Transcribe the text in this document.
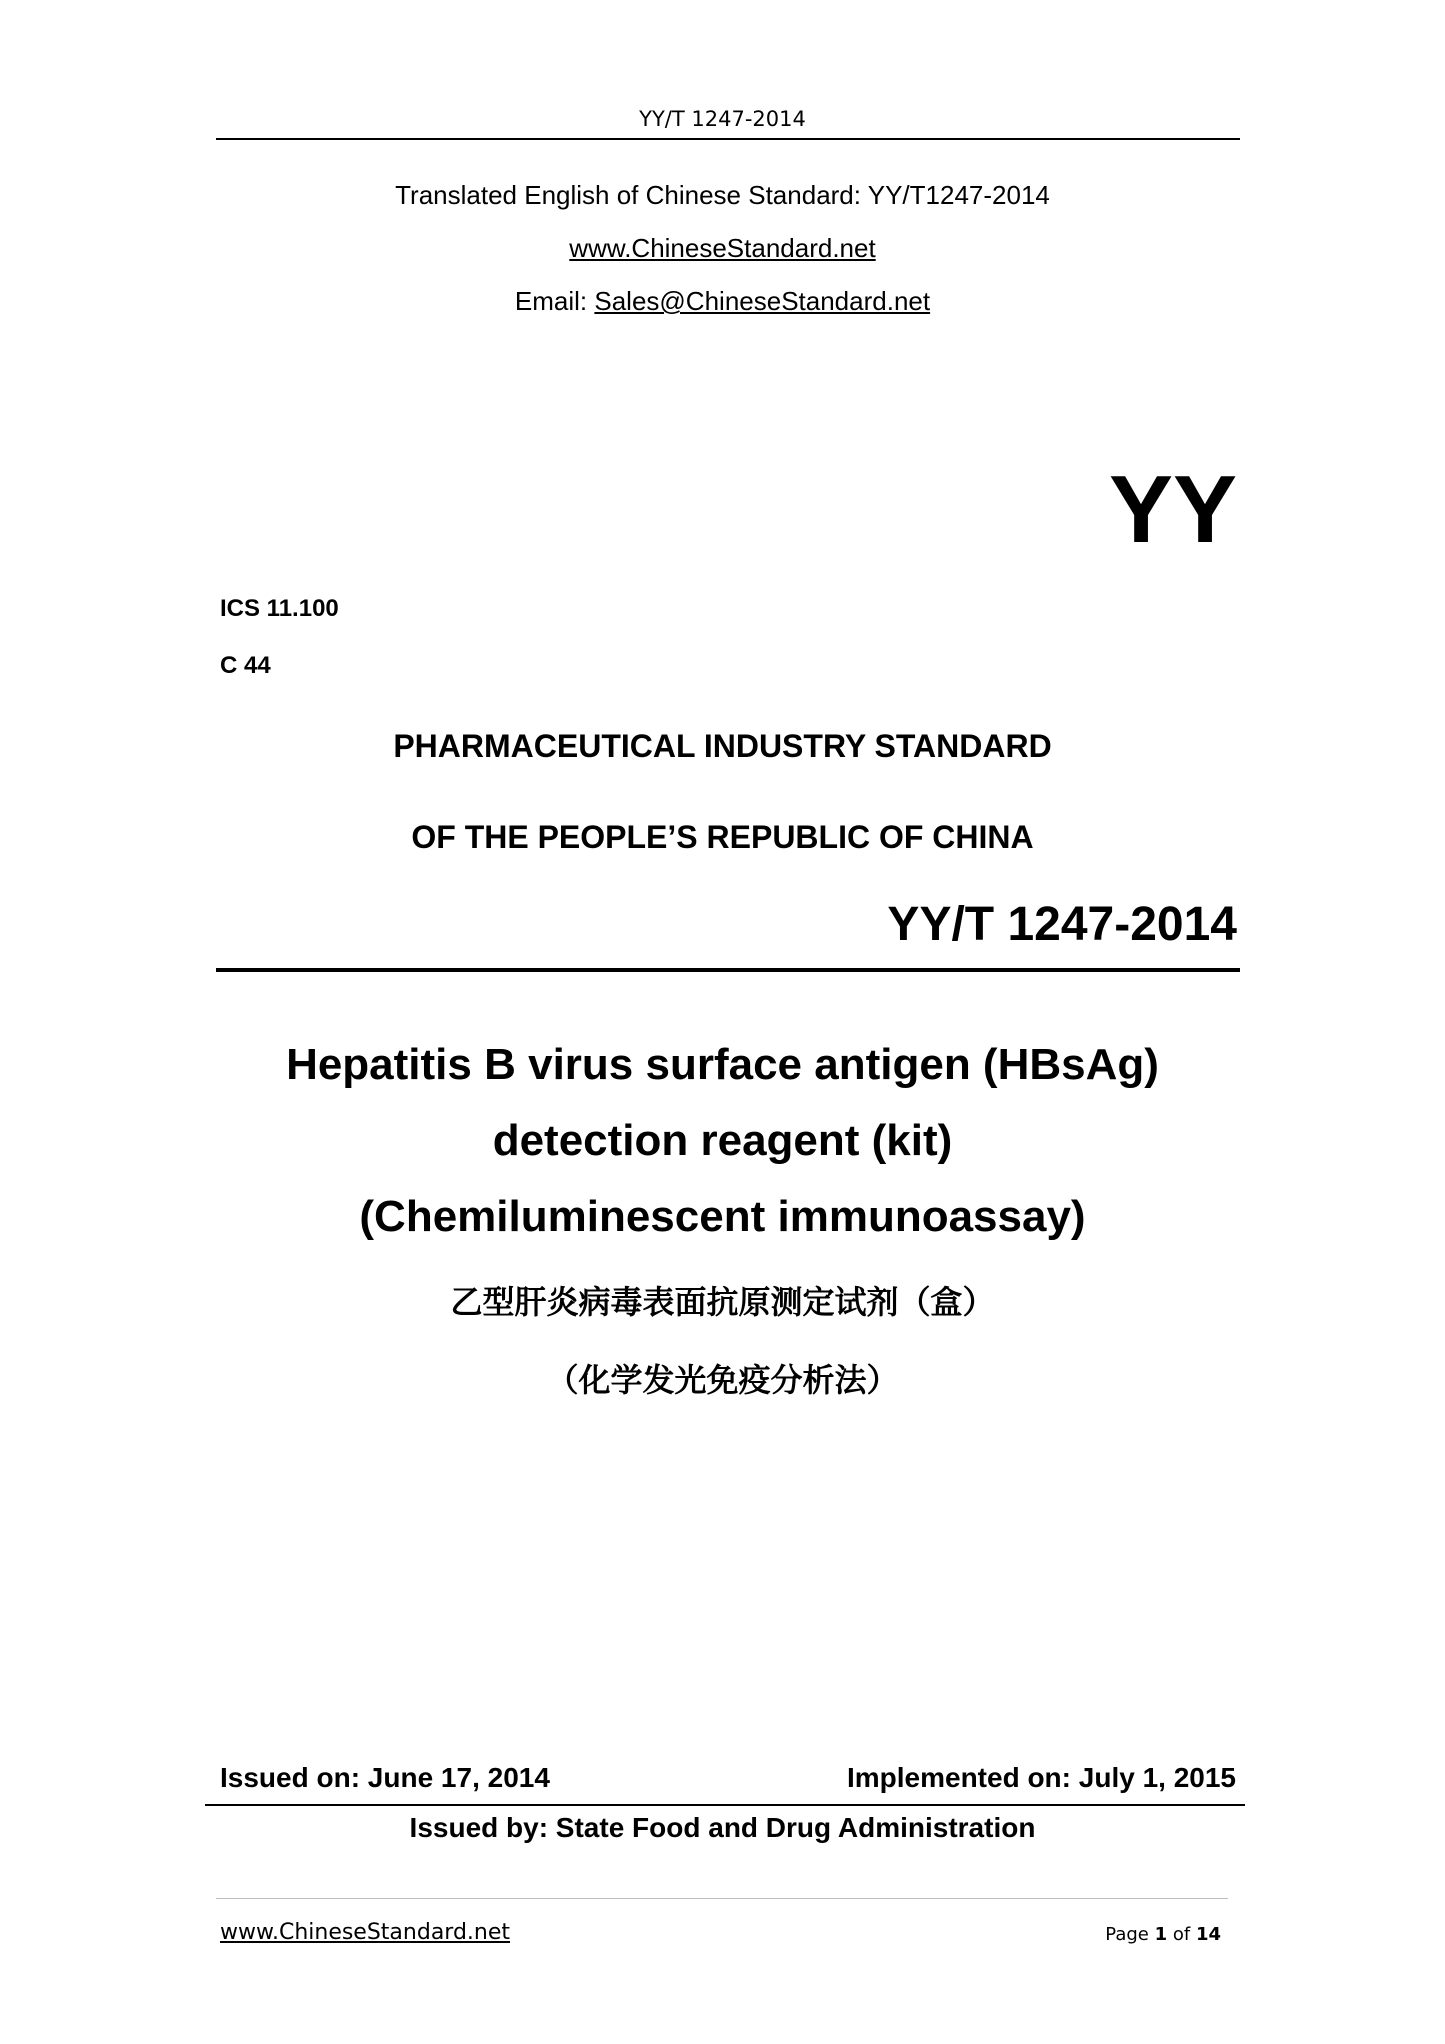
YY/T 1247-2014
Translated English of Chinese Standard: YY/T1247-2014
www.ChineseStandard.net
Email: Sales@ChineseStandard.net
YY
ICS 11.100
C 44
PHARMACEUTICAL INDUSTRY STANDARD
OF THE PEOPLE’S REPUBLIC OF CHINA
YY/T 1247-2014
Hepatitis B virus surface antigen (HBsAg)
detection reagent (kit)
(Chemiluminescent immunoassay)
乙型肝炎病毒表面抗原测定试剂（盒）
（化学发光免疫分析法）
Issued on: June 17, 2014	Implemented on: July 1, 2015
Issued by: State Food and Drug Administration
www.ChineseStandard.net	Page 1 of 14
